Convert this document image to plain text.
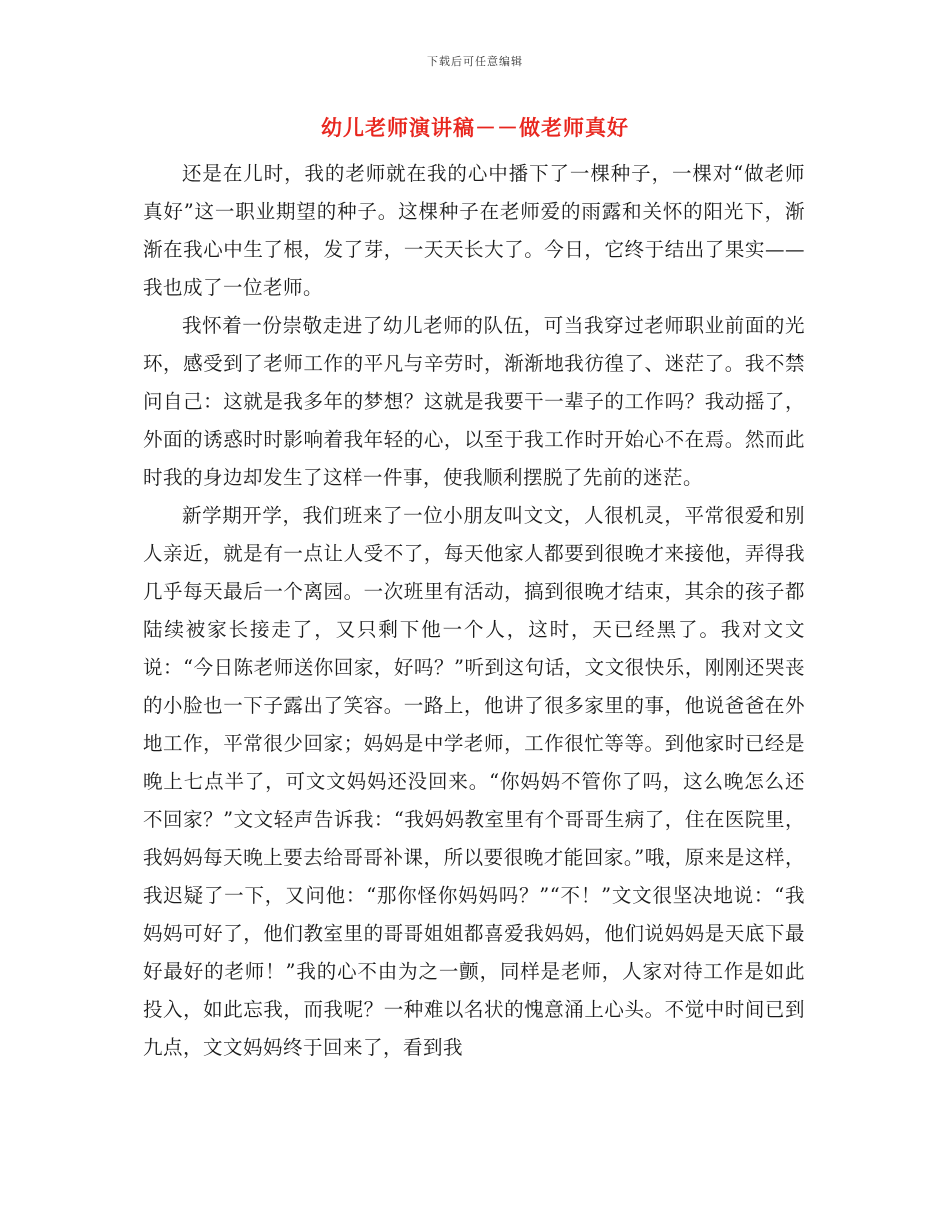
下载后可任意编辑
幼儿老师演讲稿－－做老师真好

还是在儿时，我的老师就在我的心中播下了一棵种子，一棵对“做老师真好”这一职业期望的种子。这棵种子在老师爱的雨露和关怀的阳光下，渐渐在我心中生了根，发了芽，一天天长大了。今日，它终于结出了果实——我也成了一位老师。

我怀着一份崇敬走进了幼儿老师的队伍，可当我穿过老师职业前面的光环，感受到了老师工作的平凡与辛劳时，渐渐地我彷徨了、迷茫了。我不禁问自己：这就是我多年的梦想？这就是我要干一辈子的工作吗？我动摇了，外面的诱惑时时影响着我年轻的心，以至于我工作时开始心不在焉。然而此时我的身边却发生了这样一件事，使我顺利摆脱了先前的迷茫。

新学期开学，我们班来了一位小朋友叫文文，人很机灵，平常很爱和别人亲近，就是有一点让人受不了，每天他家人都要到很晚才来接他，弄得我几乎每天最后一个离园。一次班里有活动，搞到很晚才结束，其余的孩子都陆续被家长接走了，又只剩下他一个人，这时，天已经黑了。我对文文说：“今日陈老师送你回家，好吗？”听到这句话，文文很快乐，刚刚还哭丧的小脸也一下子露出了笑容。一路上，他讲了很多家里的事，他说爸爸在外地工作，平常很少回家；妈妈是中学老师，工作很忙等等。到他家时已经是晚上七点半了，可文文妈妈还没回来。“你妈妈不管你了吗，这么晚怎么还不回家？”文文轻声告诉我：“我妈妈教室里有个哥哥生病了，住在医院里，我妈妈每天晚上要去给哥哥补课，所以要很晚才能回家。”哦，原来是这样，我迟疑了一下，又问他：“那你怪你妈妈吗？”“不！”文文很坚决地说：“我妈妈可好了，他们教室里的哥哥姐姐都喜爱我妈妈，他们说妈妈是天底下最好最好的老师！”我的心不由为之一颤，同样是老师，人家对待工作是如此投入，如此忘我，而我呢？一种难以名状的愧意涌上心头。不觉中时间已到九点，文文妈妈终于回来了，看到我
